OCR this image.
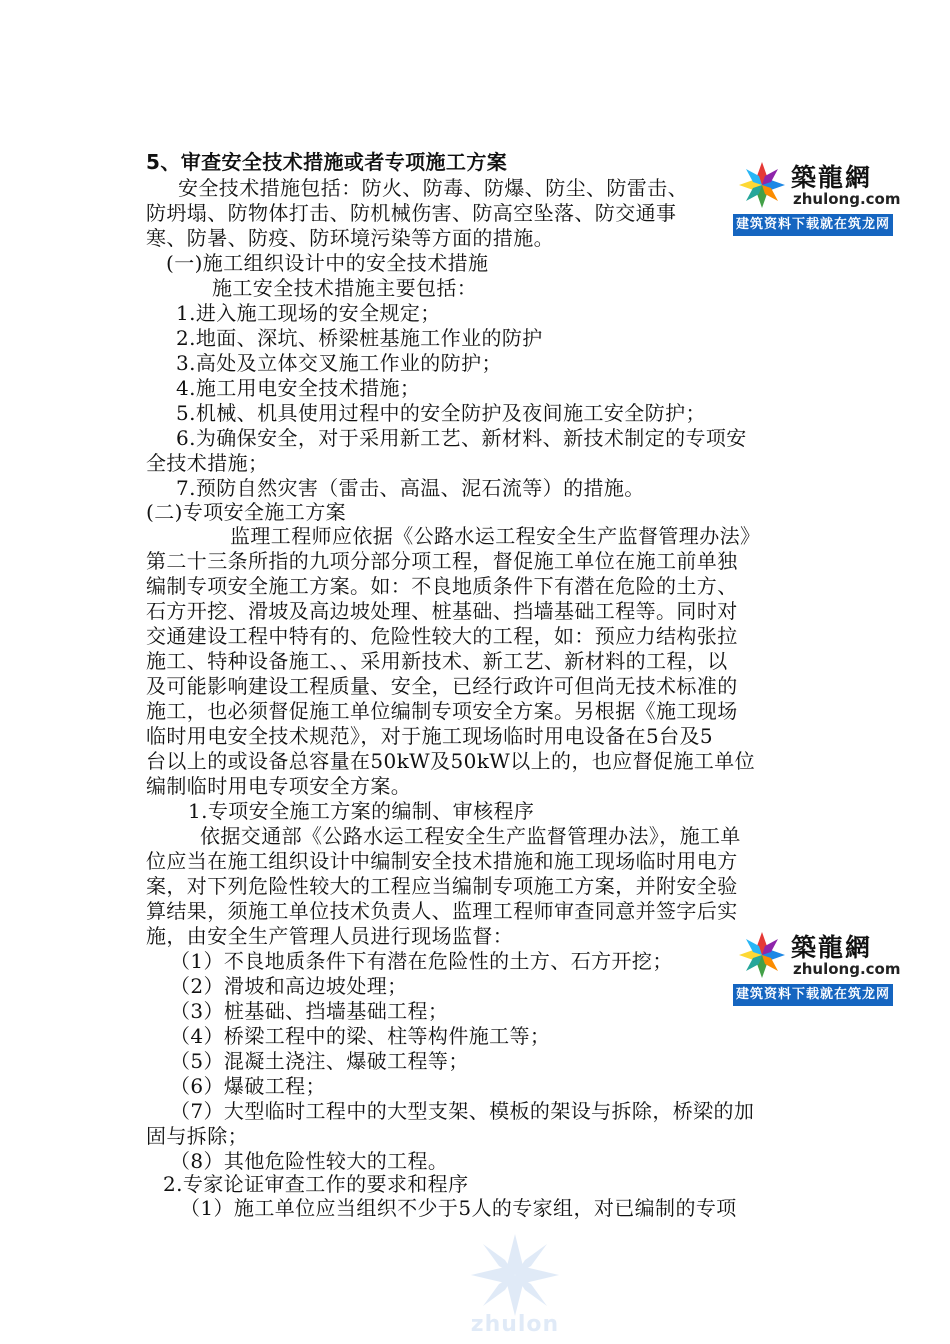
5、审查安全技术措施或者专项施工方案
安全技术措施包括：防火、防毒、防爆、防尘、防雷击、
防坍塌、防物体打击、防机械伤害、防高空坠落、防交通事
寒、防暑、防疫、防环境污染等方面的措施。
(一)施工组织设计中的安全技术措施
施工安全技术措施主要包括：
1.进入施工现场的安全规定；
2.地面、深坑、桥梁桩基施工作业的防护
3.高处及立体交叉施工作业的防护；
4.施工用电安全技术措施；
5.机械、机具使用过程中的安全防护及夜间施工安全防护；
6.为确保安全，对于采用新工艺、新材料、新技术制定的专项安
全技术措施；
7.预防自然灾害（雷击、高温、泥石流等）的措施。
(二)专项安全施工方案
监理工程师应依据《公路水运工程安全生产监督管理办法》
第二十三条所指的九项分部分项工程，督促施工单位在施工前单独
编制专项安全施工方案。如：不良地质条件下有潜在危险的土方、
石方开挖、滑坡及高边坡处理、桩基础、挡墙基础工程等。同时对
交通建设工程中特有的、危险性较大的工程，如：预应力结构张拉
施工、特种设备施工、、采用新技术、新工艺、新材料的工程，以
及可能影响建设工程质量、安全，已经行政许可但尚无技术标准的
施工，也必须督促施工单位编制专项安全方案。另根据《施工现场
临时用电安全技术规范》，对于施工现场临时用电设备在5台及5
台以上的或设备总容量在50kW及50kW以上的，也应督促施工单位
编制临时用电专项安全方案。
1.专项安全施工方案的编制、审核程序
依据交通部《公路水运工程安全生产监督管理办法》，施工单
位应当在施工组织设计中编制安全技术措施和施工现场临时用电方
案，对下列危险性较大的工程应当编制专项施工方案，并附安全验
算结果，须施工单位技术负责人、监理工程师审查同意并签字后实
施，由安全生产管理人员进行现场监督：
（1）不良地质条件下有潜在危险性的土方、石方开挖；
（2）滑坡和高边坡处理；
（3）桩基础、挡墙基础工程；
（4）桥梁工程中的梁、柱等构件施工等；
（5）混凝土浇注、爆破工程等；
（6）爆破工程；
（7）大型临时工程中的大型支架、模板的架设与拆除，桥梁的加
固与拆除；
（8）其他危险性较大的工程。
2.专家论证审查工作的要求和程序
（1）施工单位应当组织不少于5人的专家组，对已编制的专项
築龍網
zhulong.com
建筑资料下载就在筑龙网
築龍網
zhulong.com
建筑资料下载就在筑龙网
zhulon
